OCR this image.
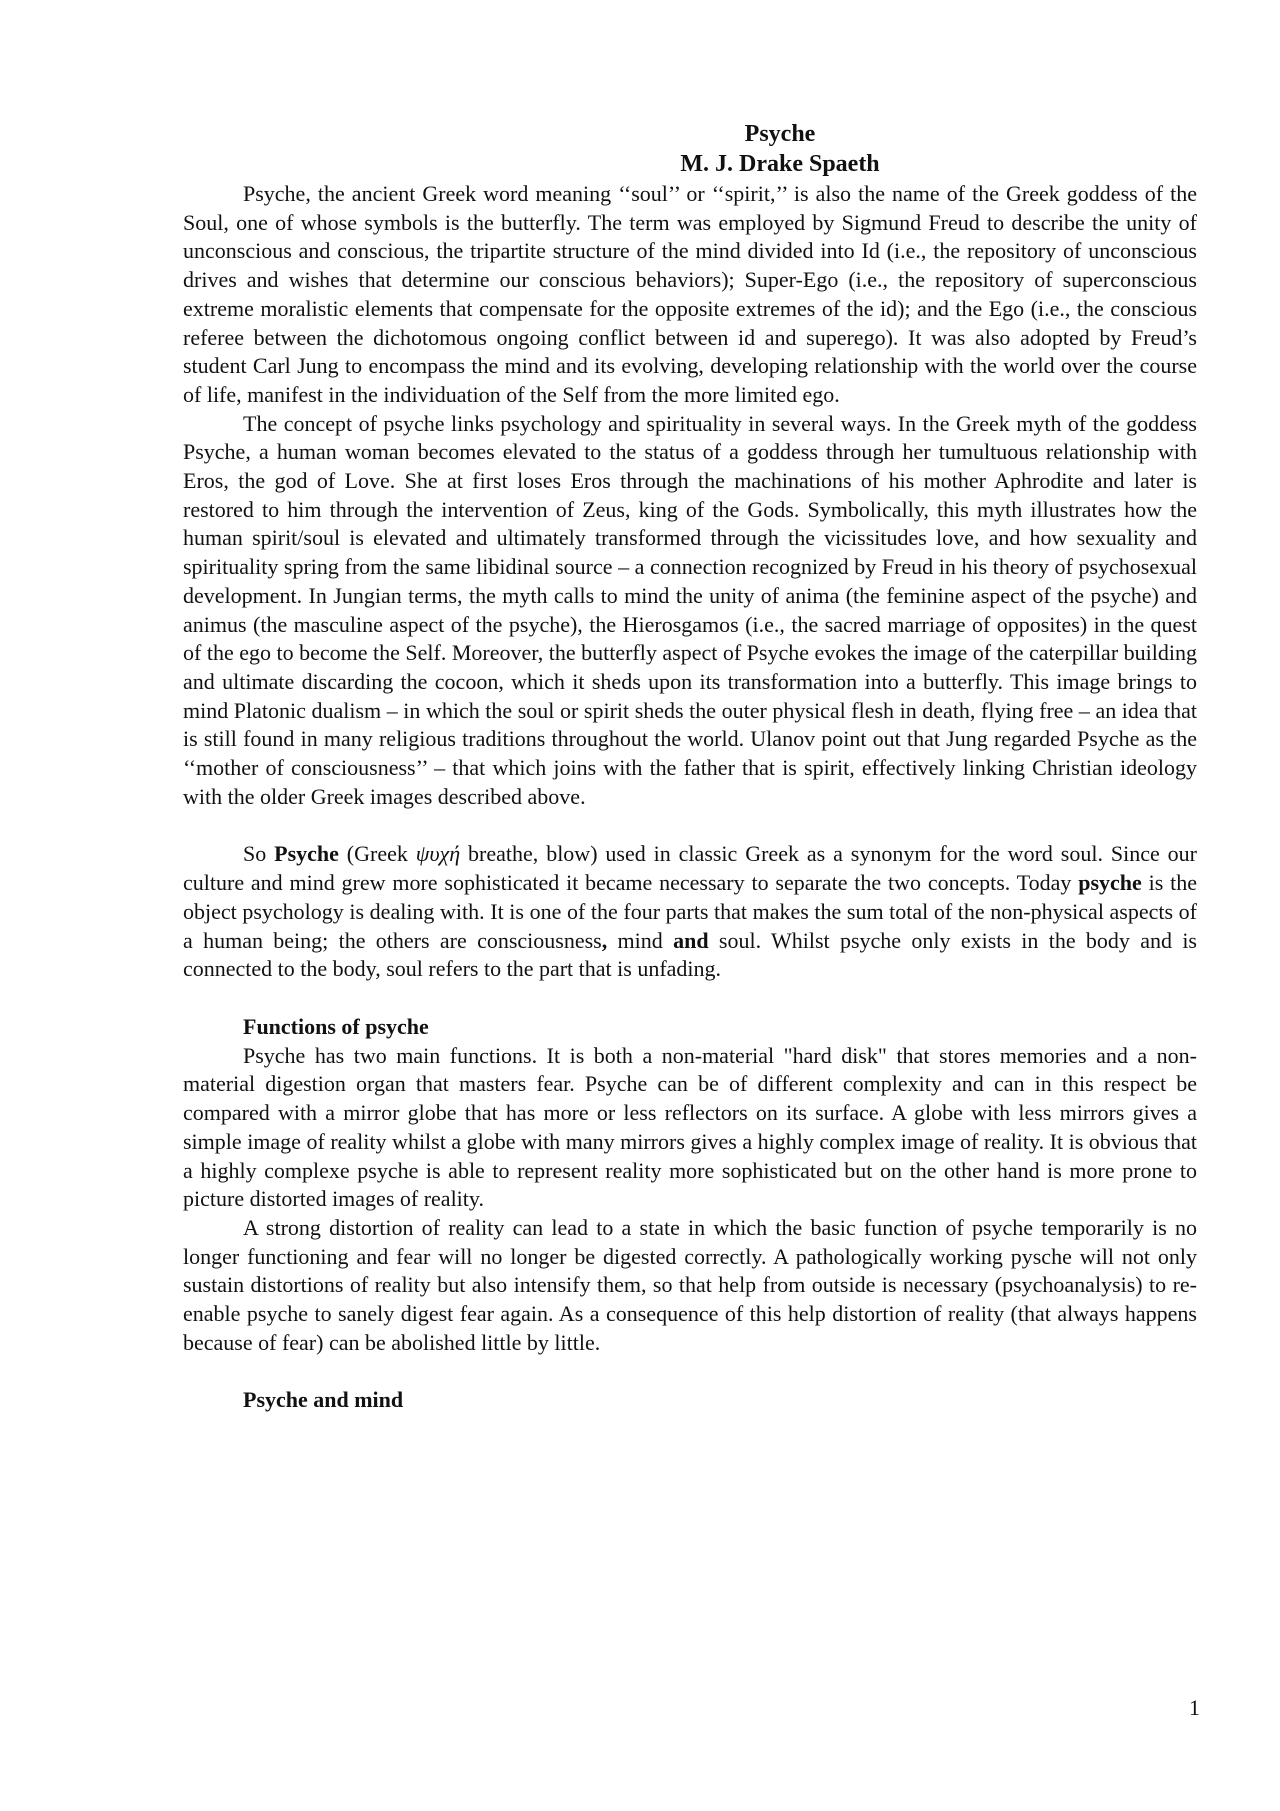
Psyche
M. J. Drake Spaeth

Psyche, the ancient Greek word meaning ‘‘soul’’ or ‘‘spirit,’’ is also the name of the Greek goddess of the Soul, one of whose symbols is the butterfly. The term was employed by Sigmund Freud to describe the unity of unconscious and conscious, the tripartite structure of the mind divided into Id (i.e., the repository of unconscious drives and wishes that determine our conscious behaviors); Super-Ego (i.e., the repository of superconscious extreme moralistic elements that compensate for the opposite extremes of the id); and the Ego (i.e., the conscious referee between the dichotomous ongoing conflict between id and superego). It was also adopted by Freud’s student Carl Jung to encompass the mind and its evolving, developing relationship with the world over the course of life, manifest in the individuation of the Self from the more limited ego.

The concept of psyche links psychology and spirituality in several ways. In the Greek myth of the goddess Psyche, a human woman becomes elevated to the status of a goddess through her tumultuous relationship with Eros, the god of Love. She at first loses Eros through the machinations of his mother Aphrodite and later is restored to him through the intervention of Zeus, king of the Gods. Symbolically, this myth illustrates how the human spirit/soul is elevated and ultimately transformed through the vicissitudes love, and how sexuality and spirituality spring from the same libidinal source – a connection recognized by Freud in his theory of psychosexual development. In Jungian terms, the myth calls to mind the unity of anima (the feminine aspect of the psyche) and animus (the masculine aspect of the psyche), the Hierosgamos (i.e., the sacred marriage of opposites) in the quest of the ego to become the Self. Moreover, the butterfly aspect of Psyche evokes the image of the caterpillar building and ultimate discarding the cocoon, which it sheds upon its transformation into a butterfly. This image brings to mind Platonic dualism – in which the soul or spirit sheds the outer physical flesh in death, flying free – an idea that is still found in many religious traditions throughout the world. Ulanov point out that Jung regarded Psyche as the ‘‘mother of consciousness’’ – that which joins with the father that is spirit, effectively linking Christian ideology with the older Greek images described above.

So Psyche (Greek ψυχή breathe, blow) used in classic Greek as a synonym for the word soul. Since our culture and mind grew more sophisticated it became necessary to separate the two concepts. Today psyche is the object psychology is dealing with. It is one of the four parts that makes the sum total of the non-physical aspects of a human being; the others are consciousness, mind and soul. Whilst psyche only exists in the body and is connected to the body, soul refers to the part that is unfading.

Functions of psyche

Psyche has two main functions. It is both a non-material "hard disk" that stores memories and a non-material digestion organ that masters fear. Psyche can be of different complexity and can in this respect be compared with a mirror globe that has more or less reflectors on its surface. A globe with less mirrors gives a simple image of reality whilst a globe with many mirrors gives a highly complex image of reality. It is obvious that a highly complexe psyche is able to represent reality more sophisticated but on the other hand is more prone to picture distorted images of reality.

A strong distortion of reality can lead to a state in which the basic function of psyche temporarily is no longer functioning and fear will no longer be digested correctly. A pathologically working pysche will not only sustain distortions of reality but also intensify them, so that help from outside is necessary (psychoanalysis) to re-enable psyche to sanely digest fear again. As a consequence of this help distortion of reality (that always happens because of fear) can be abolished little by little.

Psyche and mind
1
